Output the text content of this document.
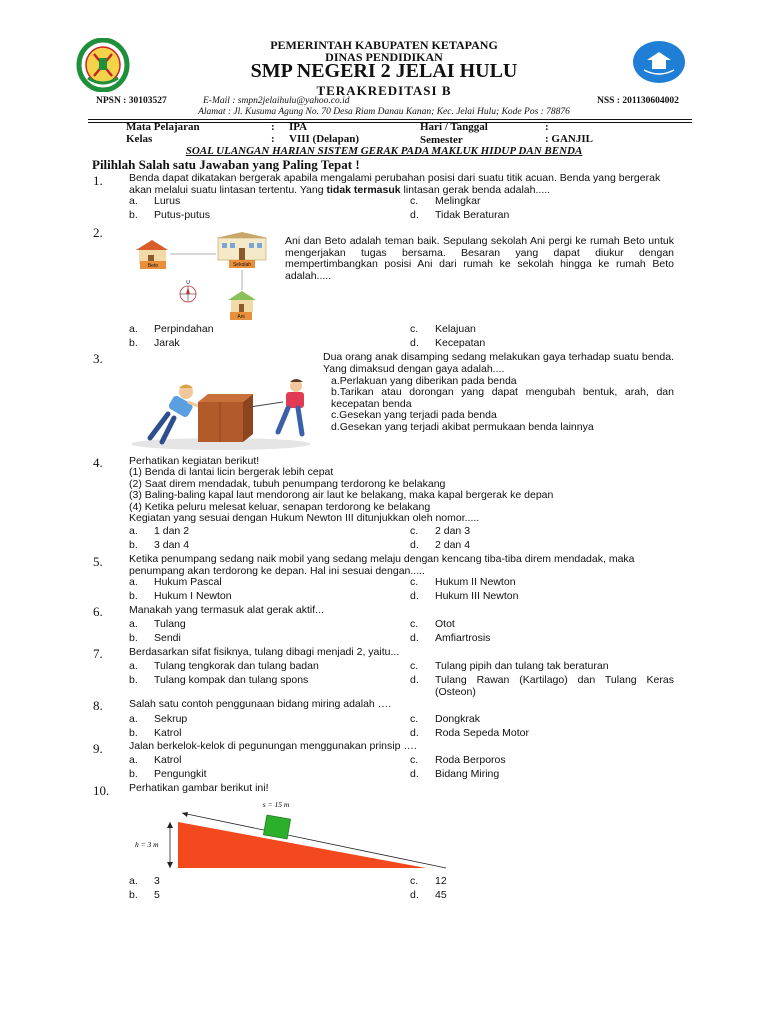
PEMERINTAH KABUPATEN KETAPANG
DINAS PENDIDIKAN
SMP NEGERI 2 JELAI HULU
TERAKREDITASI B
NPSN : 30103527	E-Mail : smpn2jelaihulu@yahoo.co.id	NSS : 201130604002
Alamat : Jl. Kusuma Agung No. 70 Desa Riam Danau Kanan; Kec. Jelai Hulu; Kode Pos : 78876
Mata Pelajaran	: IPA	Hari / Tanggal	:
Kelas	: VIII (Delapan)	Semester	: GANJIL
SOAL ULANGAN HARIAN SISTEM GERAK PADA MAKLUK HIDUP DAN BENDA
Pilihlah Salah satu Jawaban yang Paling Tepat !
1.	Benda dapat dikatakan bergerak apabila mengalami perubahan posisi dari suatu titik acuan. Benda yang bergerak akan melalui suatu lintasan tertentu. Yang tidak termasuk lintasan gerak benda adalah.....
a. Lurus	c. Melingkar
b. Putus-putus	d. Tidak Beraturan
2.
Beto	Sekolah
Ani
U
Ani dan Beto adalah teman baik. Sepulang sekolah Ani pergi ke rumah Beto untuk mengerjakan tugas bersama. Besaran yang dapat diukur dengan mempertimbangkan posisi Ani dari rumah ke sekolah hingga ke rumah Beto adalah.....
a. Perpindahan	c. Kelajuan
b. Jarak	d. Kecepatan
3.	Dua orang anak disamping sedang melakukan gaya terhadap suatu benda. Yang dimaksud dengan gaya adalah....
a.Perlakuan yang diberikan pada benda
b.Tarikan atau dorongan yang dapat mengubah bentuk, arah, dan kecepatan benda
c.Gesekan yang terjadi pada benda
d.Gesekan yang terjadi akibat permukaan benda lainnya
4.	Perhatikan kegiatan berikut!
(1) Benda di lantai licin bergerak lebih cepat
(2) Saat direm mendadak, tubuh penumpang terdorong ke belakang
(3) Baling-baling kapal laut mendorong air laut ke belakang, maka kapal bergerak ke depan
(4) Ketika peluru melesat keluar, senapan terdorong ke belakang
Kegiatan yang sesuai dengan Hukum Newton III ditunjukkan oleh nomor.....
a. 1 dan 2	c. 2 dan 3
b. 3 dan 4	d. 2 dan 4
5.	Ketika penumpang sedang naik mobil yang sedang melaju dengan kencang tiba-tiba direm mendadak, maka penumpang akan terdorong ke depan. Hal ini sesuai dengan.....
a. Hukum Pascal	c. Hukum II Newton
b. Hukum I Newton	d. Hukum III Newton
6.	Manakah yang termasuk alat gerak aktif...
a. Tulang	c. Otot
b. Sendi	d. Amfiartrosis
7.	Berdasarkan sifat fisiknya, tulang dibagi menjadi 2, yaitu...
a. Tulang tengkorak dan tulang badan	c. Tulang pipih dan tulang tak beraturan
b. Tulang kompak dan tulang spons	d. Tulang Rawan (Kartilago) dan Tulang Keras (Osteon)
8.	Salah satu contoh penggunaan bidang miring adalah ….
a. Sekrup	c. Dongkrak
b. Katrol	d. Roda Sepeda Motor
9.	Jalan berkelok-kelok di pegunungan menggunakan prinsip ….
a. Katrol	c. Roda Berporos
b. Pengungkit	d. Bidang Miring
10. Perhatikan gambar berikut ini!
s = 15 m
h = 3 m
a. 3	c. 12
b. 5	d. 45
